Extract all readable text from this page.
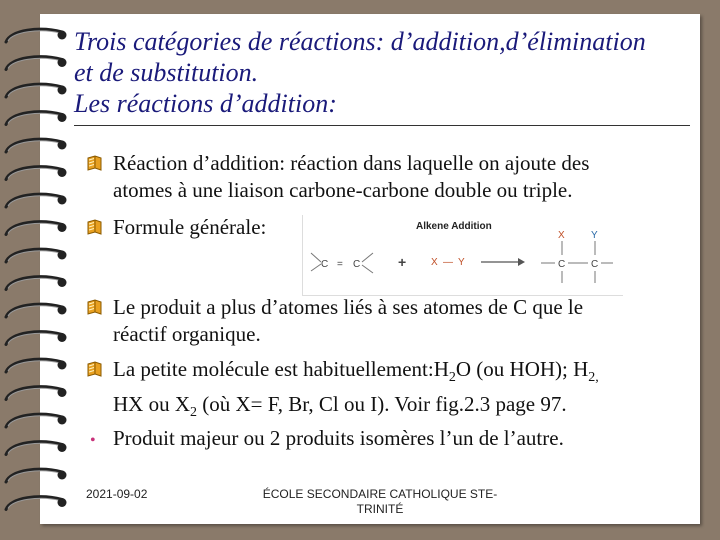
Trois catégories de réactions: d’addition,d’élimination
et de substitution.
Les réactions d’addition:
Réaction d’addition: réaction dans laquelle on ajoute des
atomes à une liaison carbone-carbone double ou triple.
Formule générale:	Alkene Addition
C = C	+ X — Y
X	Y
C	C
Le produit a plus d’atomes liés à ses atomes de C que le
réactif organique.
La petite molécule est $habituellement:H_2O$ (ou HOH); $H_{2,}$
HX ou $X_2$ (où X= F, Br, Cl ou I). Voir fig.2.3 page 97.
• Produit majeur ou 2 produits isomères l’un de l’autre.
2021-09-02	ÉCOLE SECONDAIRE CATHOLIQUE STE-
TRINITÉ
